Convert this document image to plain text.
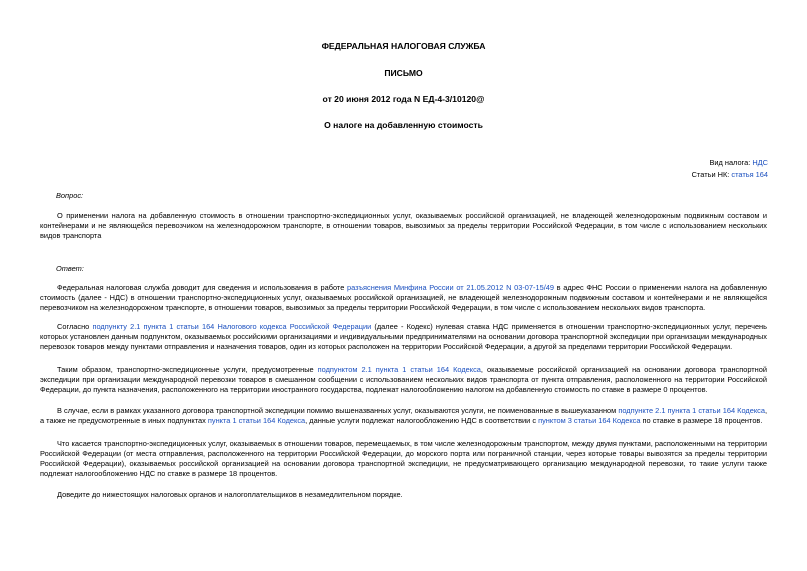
ФЕДЕРАЛЬНАЯ НАЛОГОВАЯ СЛУЖБА
ПИСЬМО
от 20 июня 2012 года N ЕД-4-3/10120@
О налоге на добавленную стоимость
Вид налога: НДС
Статьи НК: статья 164
Вопрос:

О применении налога на добавленную стоимость в отношении транспортно-экспедиционных услуг, оказываемых российской организацией, не владеющей железнодорожным подвижным составом и контейнерами и не являющейся перевозчиком на железнодорожном транспорте, в отношении товаров, вывозимых за пределы территории Российской Федерации, в том числе с использованием нескольких видов транспорта

Ответ:

Федеральная налоговая служба доводит для сведения и использования в работе разъяснения Минфина России от 21.05.2012 N 03-07-15/49 в адрес ФНС России о применении налога на добавленную стоимость (далее - НДС) в отношении транспортно-экспедиционных услуг, оказываемых российской организацией, не владеющей железнодорожным подвижным составом и контейнерами и не являющейся перевозчиком на железнодорожном транспорте, в отношении товаров, вывозимых за пределы территории Российской Федерации, в том числе с использованием нескольких видов транспорта.

Согласно подпункту 2.1 пункта 1 статьи 164 Налогового кодекса Российской Федерации (далее - Кодекс) нулевая ставка НДС применяется в отношении транспортно-экспедиционных услуг, перечень которых установлен данным подпунктом, оказываемых российскими организациями и индивидуальными предпринимателями на основании договора транспортной экспедиции при организации международных перевозок товаров между пунктами отправления и назначения товаров, один из которых расположен на территории Российской Федерации, а другой за пределами территории Российской Федерации.

Таким образом, транспортно-экспедиционные услуги, предусмотренные подпунктом 2.1 пункта 1 статьи 164 Кодекса, оказываемые российской организацией на основании договора транспортной экспедиции при организации международной перевозки товаров в смешанном сообщении с использованием нескольких видов транспорта от пункта отправления, расположенного на территории Российской Федерации, до пункта назначения, расположенного на территории иностранного государства, подлежат налогообложению налогом на добавленную стоимость по ставке в размере 0 процентов.

В случае, если в рамках указанного договора транспортной экспедиции помимо вышеназванных услуг, оказываются услуги, не поименованные в вышеуказанном подпункте 2.1 пункта 1 статьи 164 Кодекса, а также не предусмотренные в иных подпунктах пункта 1 статьи 164 Кодекса, данные услуги подлежат налогообложению НДС в соответствии с пунктом 3 статьи 164 Кодекса по ставке в размере 18 процентов.

Что касается транспортно-экспедиционных услуг, оказываемых в отношении товаров, перемещаемых, в том числе железнодорожным транспортом, между двумя пунктами, расположенными на территории Российской Федерации (от места отправления, расположенного на территории Российской Федерации, до морского порта или пограничной станции, через которые товары вывозятся за пределы территории Российской Федерации), оказываемых российской организацией на основании договора транспортной экспедиции, не предусматривающего организацию международной перевозки, то такие услуги также подлежат налогообложению НДС по ставке в размере 18 процентов.

Доведите до нижестоящих налоговых органов и налогоплательщиков в незамедлительном порядке.
